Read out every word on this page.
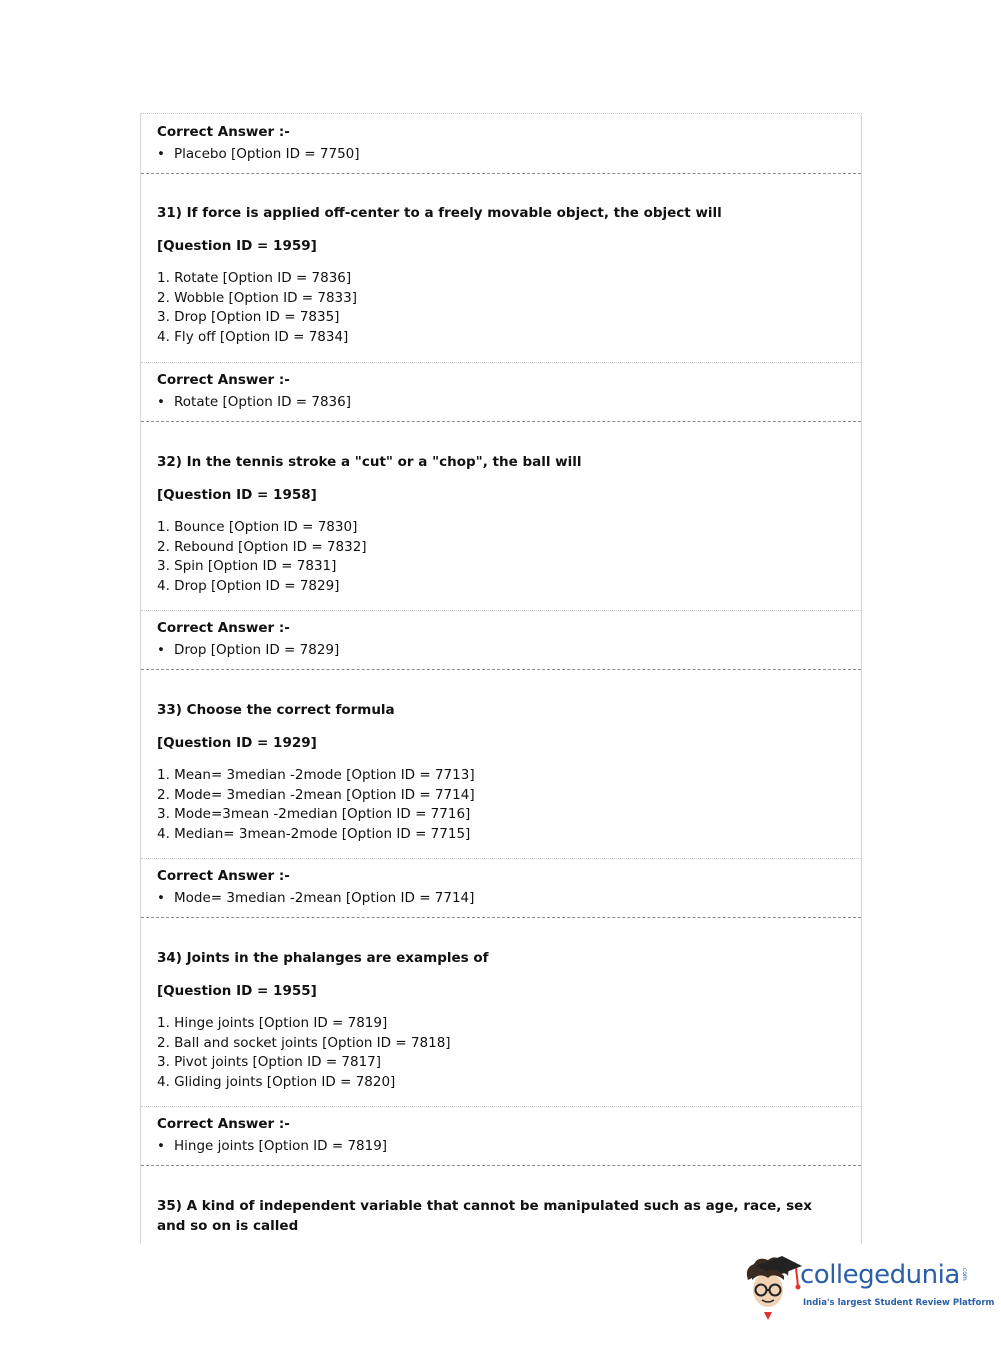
Correct Answer :-
• Placebo [Option ID = 7750]
31) If force is applied off-center to a freely movable object, the object will
[Question ID = 1959]
1. Rotate [Option ID = 7836]
2. Wobble [Option ID = 7833]
3. Drop [Option ID = 7835]
4. Fly off [Option ID = 7834]
Correct Answer :-
• Rotate [Option ID = 7836]
32) In the tennis stroke a "cut" or a "chop", the ball will
[Question ID = 1958]
1. Bounce [Option ID = 7830]
2. Rebound [Option ID = 7832]
3. Spin [Option ID = 7831]
4. Drop [Option ID = 7829]
Correct Answer :-
• Drop [Option ID = 7829]
33) Choose the correct formula
[Question ID = 1929]
1. Mean= 3median -2mode [Option ID = 7713]
2. Mode= 3median -2mean [Option ID = 7714]
3. Mode=3mean -2median [Option ID = 7716]
4. Median= 3mean-2mode [Option ID = 7715]
Correct Answer :-
• Mode= 3median -2mean [Option ID = 7714]
34) Joints in the phalanges are examples of
[Question ID = 1955]
1. Hinge joints [Option ID = 7819]
2. Ball and socket joints [Option ID = 7818]
3. Pivot joints [Option ID = 7817]
4. Gliding joints [Option ID = 7820]
Correct Answer :-
• Hinge joints [Option ID = 7819]
35) A kind of independent variable that cannot be manipulated such as age, race, sex and so on is called
collegedunia .com
India's largest Student Review Platform
